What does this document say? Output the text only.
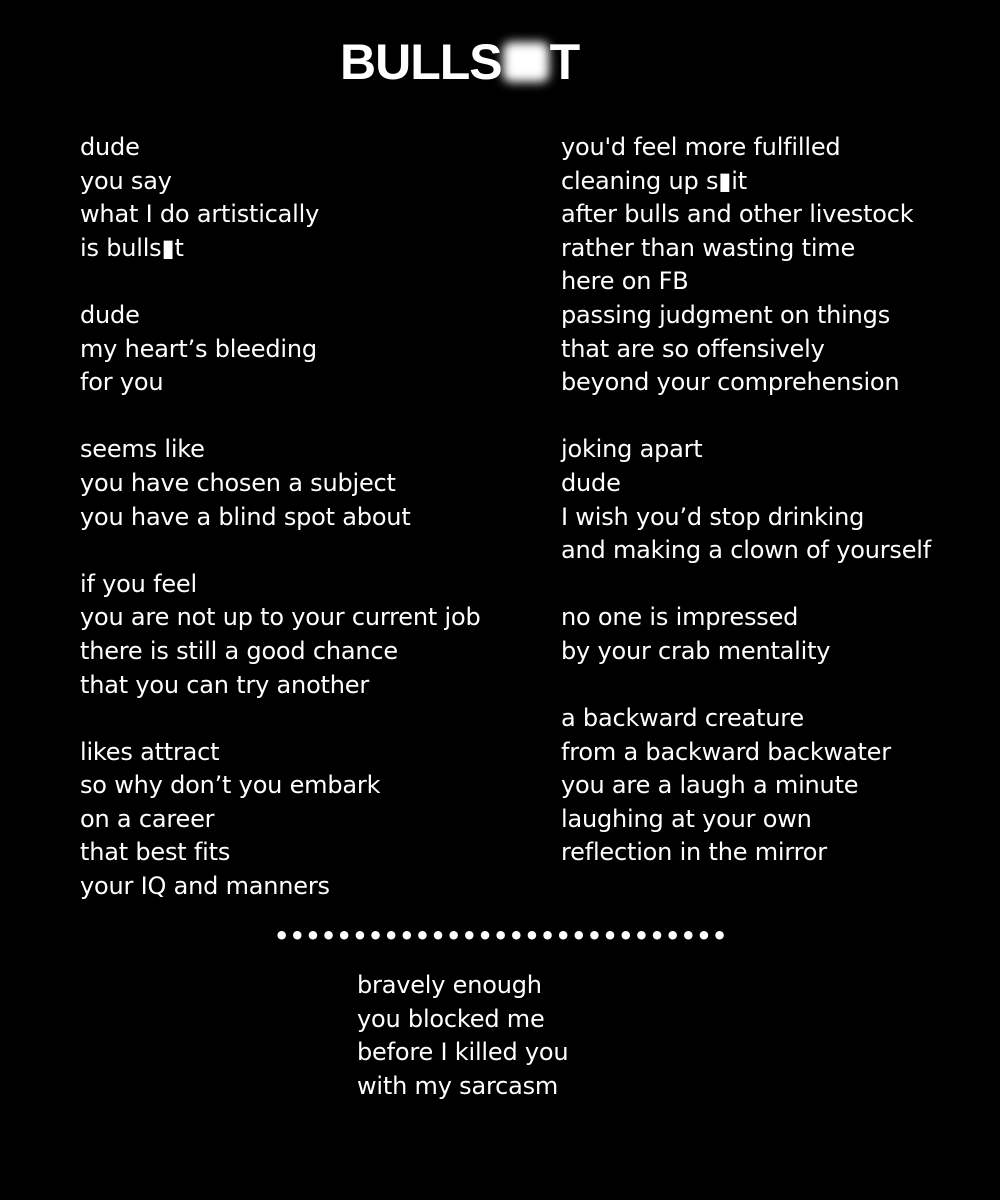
BULLS T
dude
you say
what I do artistically
is bulls▮t
dude
my heart’s bleeding
for you
seems like
you have chosen a subject
you have a blind spot about
if you feel
you are not up to your current job
there is still a good chance
that you can try another
likes attract
so why don’t you embark
on a career
that best fits
your IQ and manners
you'd feel more fulfilled
cleaning up s▮it
after bulls and other livestock
rather than wasting time
here on FB
passing judgment on things
that are so offensively
beyond your comprehension
joking apart
dude
I wish you’d stop drinking
and making a clown of yourself
no one is impressed
by your crab mentality
a backward creature
from a backward backwater
you are a laugh a minute
laughing at your own
reflection in the mirror
•••••••••••••••••••••••••••••
bravely enough
you blocked me
before I killed you
with my sarcasm
